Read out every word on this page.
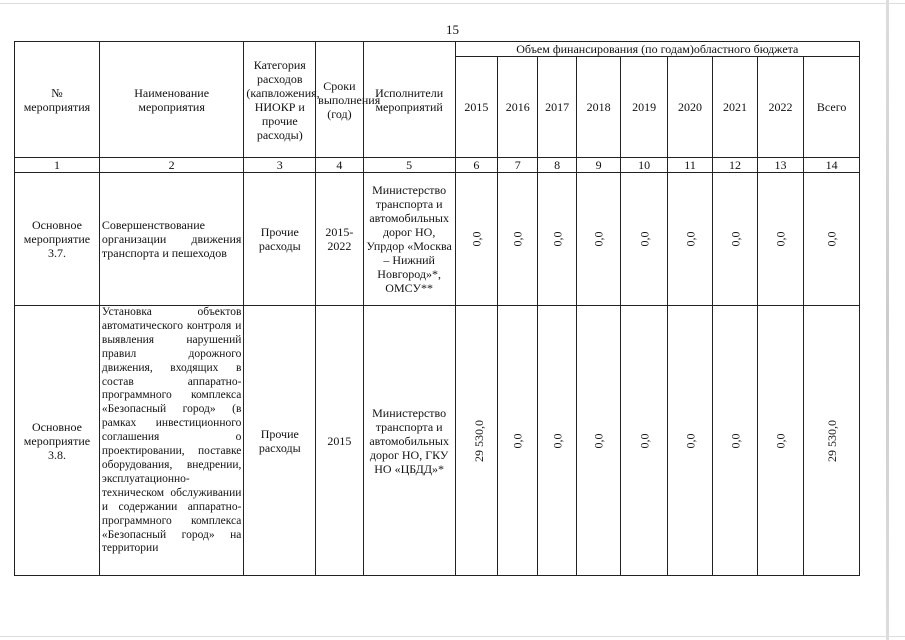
15
№ мероприятия	Наименование мероприятия	Категория расходов (капвложения, НИОКР и прочие расходы)	Сроки выполнения (год)	Исполнители мероприятий	Объем финансирования (по годам)областного бюджета								
					2015	2016	2017	2018	2019	2020	2021	2022	Всего
1	2	3	4	5	6	7	8	9	10	11	12	13	14
Основное мероприятие 3.7.	Совершенствование организации движения транспорта и пешеходов	Прочие расходы	2015-2022	Министерство транспорта и автомобильных дорог НО, Упрдор «Москва – Нижний Новгород»*, ОМСУ**	0,0	0,0	0,0	0,0	0,0	0,0	0,0	0,0	0,0
Основное мероприятие 3.8.	Установка объектов автоматического контроля и выявления нарушений правил дорожного движения, входящих в состав аппаратно-программного комплекса «Безопасный город» (в рамках инвестиционного соглашения о проектировании, поставке оборудования, внедрении, эксплуатационно-техническом обслуживании и содержании аппаратно-программного комплекса «Безопасный город» на территории	Прочие расходы	2015	Министерство транспорта и автомобильных дорог НО, ГКУ НО «ЦБДД»*	29 530,0	0,0	0,0	0,0	0,0	0,0	0,0	0,0	29 530,0
